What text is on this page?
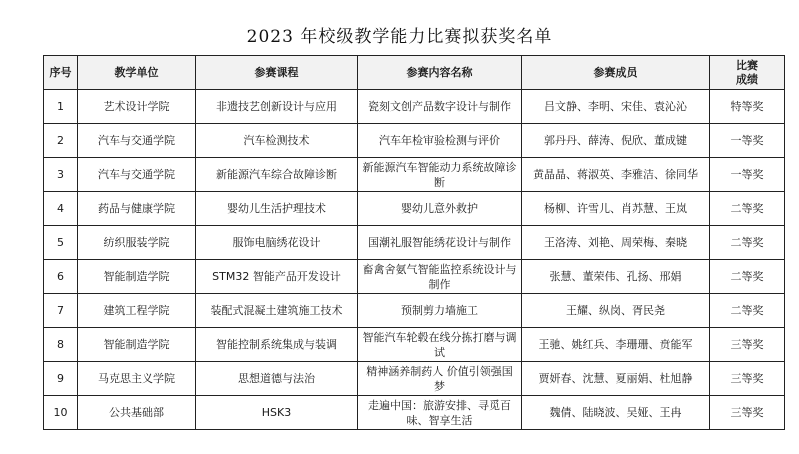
2023 年校级教学能力比赛拟获奖名单
序号	教学单位	参赛课程	参赛内容名称	参赛成员	比赛
成绩

1	艺术设计学院	非遗技艺创新设计与应用	瓷刻文创产品数字设计与制作	吕文静、李明、宋佳、袁沁沁	特等奖
2	汽车与交通学院	汽车检测技术	汽车年检审验检测与评价	郭丹丹、薛涛、倪欣、董成键	一等奖
3	汽车与交通学院	新能源汽车综合故障诊断	新能源汽车智能动力系统故障诊断	黄晶晶、蒋淑英、李雅洁、徐同华	一等奖
4	药品与健康学院	婴幼儿生活护理技术	婴幼儿意外救护	杨柳、许雪儿、肖苏慧、王岚	二等奖
5	纺织服装学院	服饰电脑绣花设计	国潮礼服智能绣花设计与制作	王洛涛、刘艳、周荣梅、秦晓	二等奖
6	智能制造学院	STM32 智能产品开发设计	畜禽舍氨气智能监控系统设计与制作	张慧、董荣伟、孔扬、邢娟	二等奖
7	建筑工程学院	装配式混凝土建筑施工技术	预制剪力墙施工	王耀、纵岗、胥民尧	二等奖
8	智能制造学院	智能控制系统集成与装调	智能汽车轮毂在线分拣打磨与调试	王驰、姚红兵、李珊珊、贲能军	三等奖
9	马克思主义学院	思想道德与法治	精神涵养制药人 价值引领强国梦	贾妍春、沈慧、夏丽娟、杜旭静	三等奖
10	公共基础部	HSK3	走遍中国：旅游安排、寻觅百味、智享生活	魏倩、陆晓波、吴娅、王冉	三等奖
